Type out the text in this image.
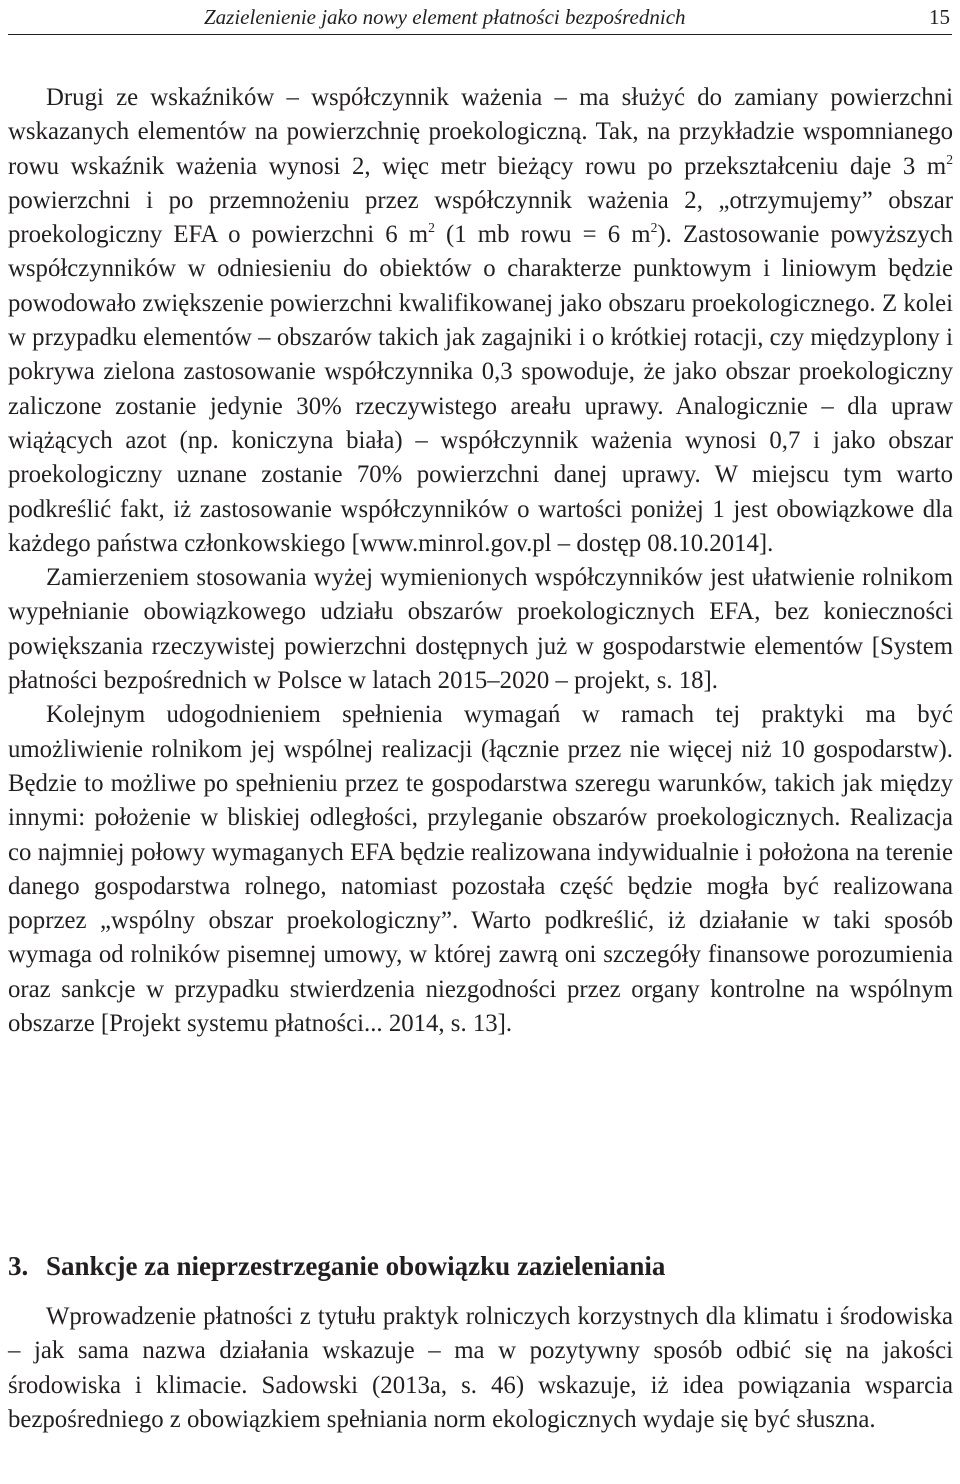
Zazielenienie jako nowy element płatności bezpośrednich	15

Drugi ze wskaźników – współczynnik ważenia – ma służyć do zamiany powierzchni wskazanych elementów na powierzchnię proekologiczną. Tak, na przykładzie wspomnianego rowu wskaźnik ważenia wynosi 2, więc metr bieżący rowu po przekształceniu daje 3 $m^2$ powierzchni i po przemnożeniu przez współczynnik ważenia 2, „otrzymujemy” obszar proekologiczny EFA o powierzchni 6 $m^2$ (1 mb rowu = 6 $m^2$). Zastosowanie powyższych współczynników w odniesieniu do obiektów o charakterze punktowym i liniowym będzie powodowało zwiększenie powierzchni kwalifikowanej jako obszaru proekologicznego. Z kolei w przypadku elementów – obszarów takich jak zagajniki i o krótkiej rotacji, czy międzyplony i pokrywa zielona zastosowanie współczynnika 0,3 spowoduje, że jako obszar proekologiczny zaliczone zostanie jedynie 30% rzeczywistego areału uprawy. Analogicznie – dla upraw wiążących azot (np. koniczyna biała) – współczynnik ważenia wynosi 0,7 i jako obszar proekologiczny uznane zostanie 70% powierzchni danej uprawy. W miejscu tym warto podkreślić fakt, iż zastosowanie współczynników o wartości poniżej 1 jest obowiązkowe dla każdego państwa członkowskiego [www.minrol.gov.pl – dostęp 08.10.2014].

Zamierzeniem stosowania wyżej wymienionych współczynników jest ułatwienie rolnikom wypełnianie obowiązkowego udziału obszarów proekologicznych EFA, bez konieczności powiększania rzeczywistej powierzchni dostępnych już w gospodarstwie elementów [System płatności bezpośrednich w Polsce w latach 2015–2020 – projekt, s. 18].

Kolejnym udogodnieniem spełnienia wymagań w ramach tej praktyki ma być umożliwienie rolnikom jej wspólnej realizacji (łącznie przez nie więcej niż 10 gospodarstw). Będzie to możliwe po spełnieniu przez te gospodarstwa szeregu warunków, takich jak między innymi: położenie w bliskiej odległości, przyleganie obszarów proekologicznych. Realizacja co najmniej połowy wymaganych EFA będzie realizowana indywidualnie i położona na terenie danego gospodarstwa rolnego, natomiast pozostała część będzie mogła być realizowana poprzez „wspólny obszar proekologiczny”. Warto podkreślić, iż działanie w taki sposób wymaga od rolników pisemnej umowy, w której zawrą oni szczegóły finansowe porozumienia oraz sankcje w przypadku stwierdzenia niezgodności przez organy kontrolne na wspólnym obszarze [Projekt systemu płatności... 2014, s. 13].

3. Sankcje za nieprzestrzeganie obowiązku zazieleniania

Wprowadzenie płatności z tytułu praktyk rolniczych korzystnych dla klimatu i środowiska – jak sama nazwa działania wskazuje – ma w pozytywny sposób odbić się na jakości środowiska i klimacie. Sadowski (2013a, s. 46) wskazuje, iż idea powiązania wsparcia bezpośredniego z obowiązkiem spełniania norm ekologicznych wydaje się być słuszna.
